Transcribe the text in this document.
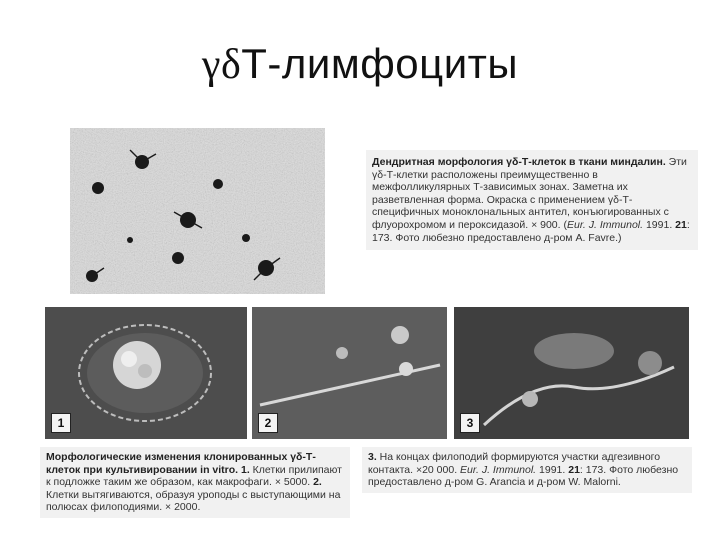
γδТ-лимфоциты
Дендритная морфология γδ-Т-клеток в ткани миндалин. Эти γδ-Т-клетки расположены преимущественно в межфолликулярных Т-зависимых зонах. Заметна их разветвленная форма. Окраска с применением γδ-Т-специфичных моноклональных антител, конъюгированных с флуорохромом и пероксидазой. × 900. (Eur. J. Immunol. 1991. 21: 173. Фото любезно предоставлено д-ром A. Favre.)
1	2	3
Морфологические изменения клонированных γδ-Т-клеток при культивировании in vitro. 1. Клетки прилипают к подложке таким же образом, как макрофаги. × 5000. 2. Клетки вытягиваются, образуя уроподы с выступающими на полюсах филоподиями. × 2000.
3. На концах филоподий формируются участки адгезивного контакта. ×20 000. Eur. J. Immunol. 1991. 21: 173. Фото любезно предоставлено д-ром G. Arancia и д-ром W. Malorni.
